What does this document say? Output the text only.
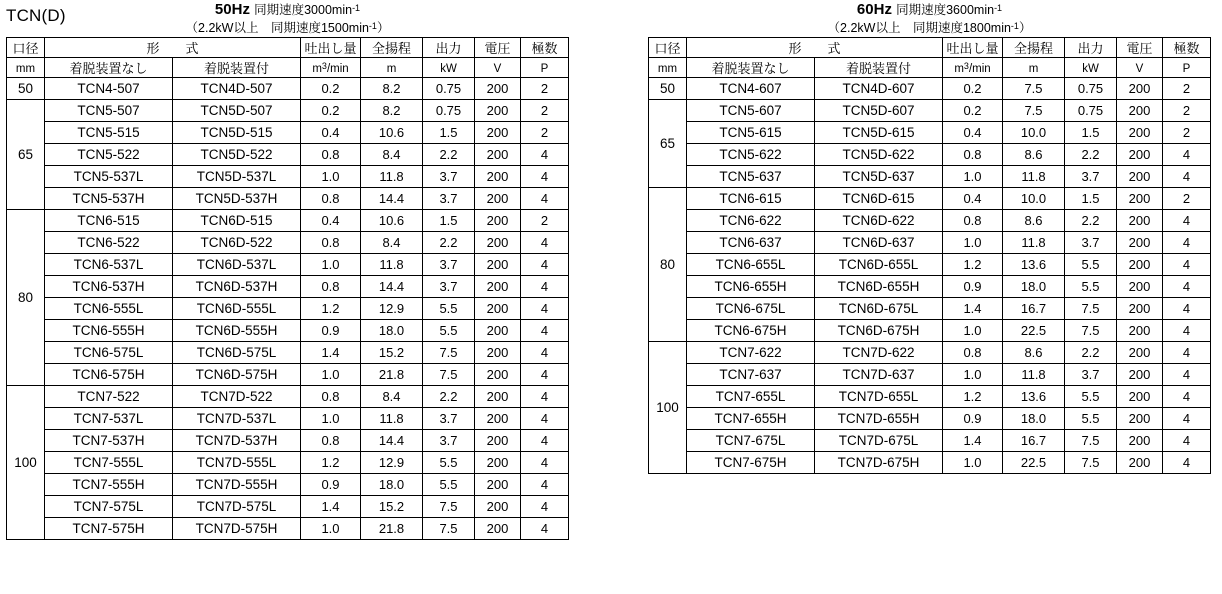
TCN(D)	50Hz 同期速度$3000\min^{-1}$
（2.2kW以上　同期速度$1500\min^{-1}$）
口径	形　　式		吐出し量	全揚程	出力	電圧	極数
mm	着脱装置なし	着脱装置付	$m^3/\min$	m	kW	V	P
50	TCN4-507	TCN4D-507	0.2	8.2	0.75	200	2
65	TCN5-507	TCN5D-507	0.2	8.2	0.75	200	2
	TCN5-515	TCN5D-515	0.4	10.6	1.5	200	2
	TCN5-522	TCN5D-522	0.8	8.4	2.2	200	4
	TCN5-537L	TCN5D-537L	1.0	11.8	3.7	200	4
	TCN5-537H	TCN5D-537H	0.8	14.4	3.7	200	4
80	TCN6-515	TCN6D-515	0.4	10.6	1.5	200	2
	TCN6-522	TCN6D-522	0.8	8.4	2.2	200	4
	TCN6-537L	TCN6D-537L	1.0	11.8	3.7	200	4
	TCN6-537H	TCN6D-537H	0.8	14.4	3.7	200	4
	TCN6-555L	TCN6D-555L	1.2	12.9	5.5	200	4
	TCN6-555H	TCN6D-555H	0.9	18.0	5.5	200	4
	TCN6-575L	TCN6D-575L	1.4	15.2	7.5	200	4
	TCN6-575H	TCN6D-575H	1.0	21.8	7.5	200	4
100	TCN7-522	TCN7D-522	0.8	8.4	2.2	200	4
	TCN7-537L	TCN7D-537L	1.0	11.8	3.7	200	4
	TCN7-537H	TCN7D-537H	0.8	14.4	3.7	200	4
	TCN7-555L	TCN7D-555L	1.2	12.9	5.5	200	4
	TCN7-555H	TCN7D-555H	0.9	18.0	5.5	200	4
	TCN7-575L	TCN7D-575L	1.4	15.2	7.5	200	4
	TCN7-575H	TCN7D-575H	1.0	21.8	7.5	200	4
60Hz 同期速度$3600\min^{-1}$
（2.2kW以上　同期速度$1800\min^{-1}$）
口径	形　　式		吐出し量	全揚程	出力	電圧	極数
mm	着脱装置なし	着脱装置付	$m^3/\min$	m	kW	V	P
50	TCN4-607	TCN4D-607	0.2	7.5	0.75	200	2
65	TCN5-607	TCN5D-607	0.2	7.5	0.75	200	2
	TCN5-615	TCN5D-615	0.4	10.0	1.5	200	2
	TCN5-622	TCN5D-622	0.8	8.6	2.2	200	4
	TCN5-637	TCN5D-637	1.0	11.8	3.7	200	4
80	TCN6-615	TCN6D-615	0.4	10.0	1.5	200	2
	TCN6-622	TCN6D-622	0.8	8.6	2.2	200	4
	TCN6-637	TCN6D-637	1.0	11.8	3.7	200	4
	TCN6-655L	TCN6D-655L	1.2	13.6	5.5	200	4
	TCN6-655H	TCN6D-655H	0.9	18.0	5.5	200	4
	TCN6-675L	TCN6D-675L	1.4	16.7	7.5	200	4
	TCN6-675H	TCN6D-675H	1.0	22.5	7.5	200	4
100	TCN7-622	TCN7D-622	0.8	8.6	2.2	200	4
	TCN7-637	TCN7D-637	1.0	11.8	3.7	200	4
	TCN7-655L	TCN7D-655L	1.2	13.6	5.5	200	4
	TCN7-655H	TCN7D-655H	0.9	18.0	5.5	200	4
	TCN7-675L	TCN7D-675L	1.4	16.7	7.5	200	4
	TCN7-675H	TCN7D-675H	1.0	22.5	7.5	200	4
